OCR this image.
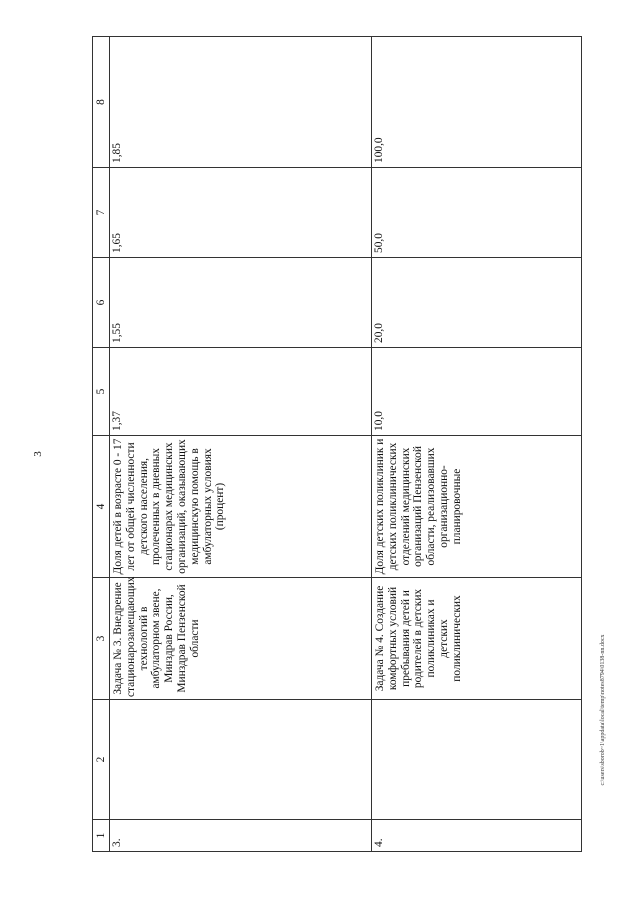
3
1	2	3	4	5	6	7	8
3.		Задача № 3. Внедрение стационарозамещающих технологий в амбулаторном звене, Минздрав России, Минздрав Пензенской области	Доля детей в возрасте 0 - 17 лет от общей численности детского населения, пролеченных в дневных стационарах медицинских организаций, оказывающих медицинскую помощь в амбулаторных условиях (процент)	1,37	1,55	1,65	1,85
4.		Задача № 4. Создание комфортных условий пребывания детей и родителей в детских поликлиниках и детских поликлинических	Доля детских поликлиник и детских поликлинических отделений медицинских организаций Пензенской области, реализовавших организационно-планировочные	10,0	20,0	50,0	100,0
c:\users\sborob~1\appdata\local\temp\notes8794\0138-nn.docx
